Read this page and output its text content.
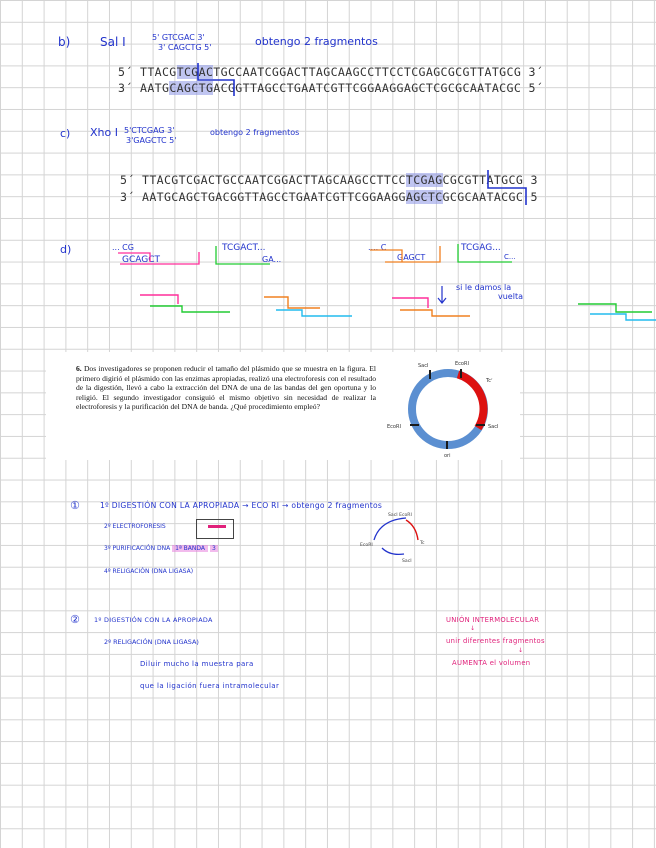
b) Sal I	5' GTCGAC 3'
3' CAGCTG 5'	obtengo 2 fragmentos
5´ TTACGTCGACTGCCAATCGGACTTAGCAAGCCTTCCTCGAGCGCGTTATGCG 3´
3´ AATGCAGCTGACGGTTAGCCTGAATCGTTCGGAAGGAGCTCGCGCAATACGC 5´
c) Xho I 5'CTCGAG 3'
3'GAGCTC 5'
obtengo 2 fragmentos
5´ TTACGTCGACTGCCAATCGGACTTAGCAAGCCTTCCTCGAGCGCGTTATGCG 3
3´ AATGCAGCTGACGGTTAGCCTGAATCGTTCGGAAGGAGCTCGCGCAATACGC 5
d)	... CG
GCAGCT
TCGACT...
GA...
.... C
GAGCT
TCGAG...
C...
si le damos la
vuelta
6. Dos investigadores se proponen reducir el tamaño del plásmido que se muestra en la figura. El primero digirió el plásmido con las enzimas apropiadas, realizó una electroforesis con el resultado de la digestión, llevó a cabo la extracción del DNA de una de las bandas del gen oportuna y lo religió. El segundo investigador consiguió el mismo objetivo sin necesidad de realizar la electroforesis y la purificación del DNA de banda. ¿Qué procedimiento empleó?
SacI	EcoRI
Tcʳ
EcoRI	SacI
ori
①	1º DIGESTIÓN CON LA APROPIADA → ECO RI → obtengo 2 fragmentos
2º ELECTROFORESIS
3º PURIFICACIÓN DNA 1ª BANDA 3
4º RELIGACIÓN (DNA LIGASA)
SacI EcoRI
EcoRI	Tc
SacI
② 1º DIGESTIÓN CON LA APROPIADA
2º RELIGACIÓN (DNA LIGASA)
Diluir mucho la muestra para
que la ligación fuera intramolecular
UNIÓN INTERMOLECULAR
↓
unir diferentes fragmentos
↓
AUMENTA el volumen
